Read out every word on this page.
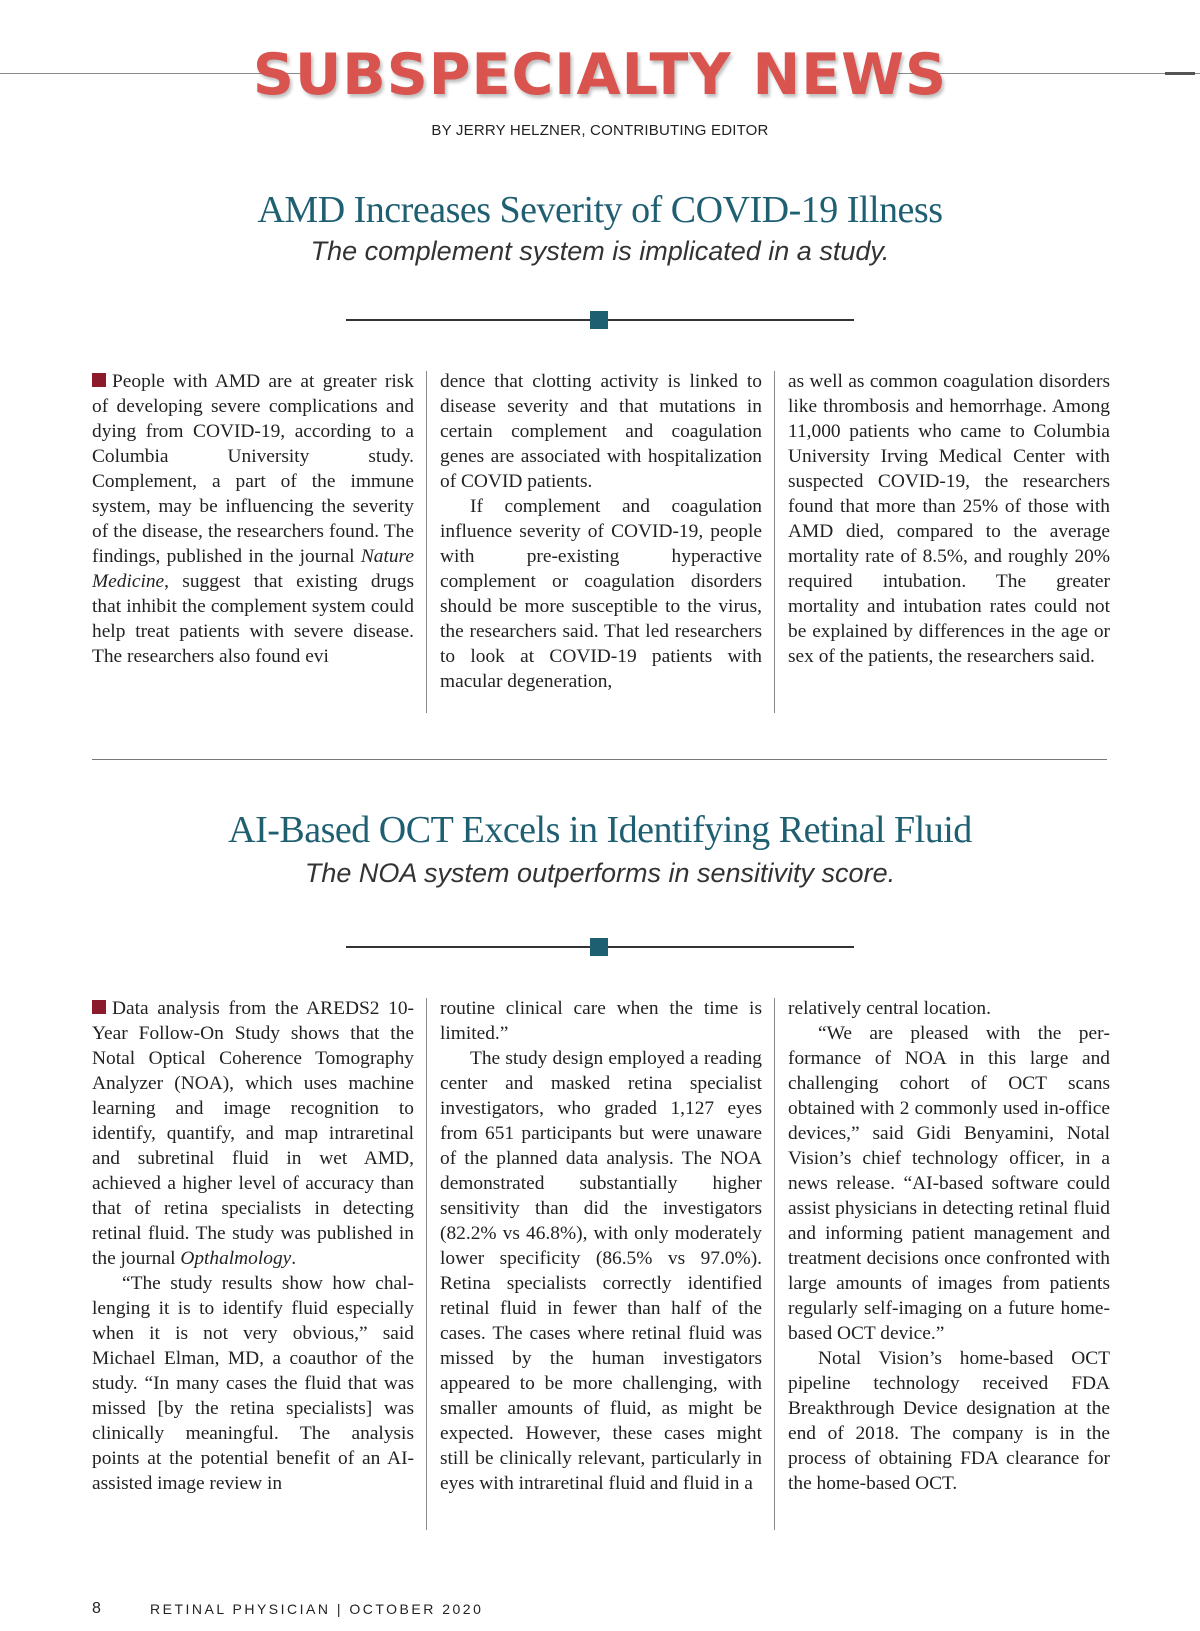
SUBSPECIALTY NEWS
BY JERRY HELZNER, CONTRIBUTING EDITOR
AMD Increases Severity of COVID-19 Illness
The complement system is implicated in a study.

People with AMD are at greater risk of developing severe complications and dying from COVID-19, according to a Columbia University study. Complement, a part of the immune system, may be influencing the severity of the disease, the researchers found. The findings, published in the journal Nature Medicine, suggest that existing drugs that inhibit the complement system could help treat patients with severe disease. The researchers also found evi

dence that clotting activity is linked to disease severity and that mutations in certain complement and coagulation genes are associated with hospitalization of COVID patients.

If complement and coagulation influence severity of COVID-19, people with pre-existing hyperactive complement or coagulation disorders should be more susceptible to the virus, the researchers said. That led researchers to look at COVID-19 patients with macular degeneration,

as well as common coagulation disorders like thrombosis and hemorrhage. Among 11,000 patients who came to Columbia University Irving Medical Center with suspected COVID-19, the researchers found that more than 25% of those with AMD died, compared to the average mortality rate of 8.5%, and roughly 20% required intubation. The greater mortality and intubation rates could not be explained by differences in the age or sex of the patients, the researchers said.

AI-Based OCT Excels in Identifying Retinal Fluid
The NOA system outperforms in sensitivity score.

Data analysis from the AREDS2 10-Year Follow-On Study shows that the Notal Optical Coherence Tomography Analyzer (NOA), which uses machine learning and image recognition to identify, quantify, and map intraretinal and subretinal fluid in wet AMD, achieved a higher level of accuracy than that of retina specialists in detecting retinal fluid. The study was published in the journal Opthalmology.

“The study results show how challenging it is to identify fluid especially when it is not very obvious,” said Michael Elman, MD, a coauthor of the study. “In many cases the fluid that was missed [by the retina specialists] was clinically meaningful. The analysis points at the potential benefit of an AI-assisted image review in

routine clinical care when the time is limited.”

The study design employed a reading center and masked retina specialist investigators, who graded 1,127 eyes from 651 participants but were unaware of the planned data analysis. The NOA demonstrated substantially higher sensitivity than did the investigators (82.2% vs 46.8%), with only moderately lower specificity (86.5% vs 97.0%). Retina specialists correctly identified retinal fluid in fewer than half of the cases. The cases where retinal fluid was missed by the human investigators appeared to be more challenging, with smaller amounts of fluid, as might be expected. However, these cases might still be clinically relevant, particularly in eyes with intraretinal fluid and fluid in a

relatively central location.

“We are pleased with the performance of NOA in this large and challenging cohort of OCT scans obtained with 2 commonly used in-office devices,” said Gidi Benyamini, Notal Vision’s chief technology officer, in a news release. “AI-based software could assist physicians in detecting retinal fluid and informing patient management and treatment decisions once confronted with large amounts of images from patients regularly self-imaging on a future home-based OCT device.”

Notal Vision’s home-based OCT pipeline technology received FDA Breakthrough Device designation at the end of 2018. The company is in the process of obtaining FDA clearance for the home-based OCT.

8	RETINAL PHYSICIAN | OCTOBER 2020
